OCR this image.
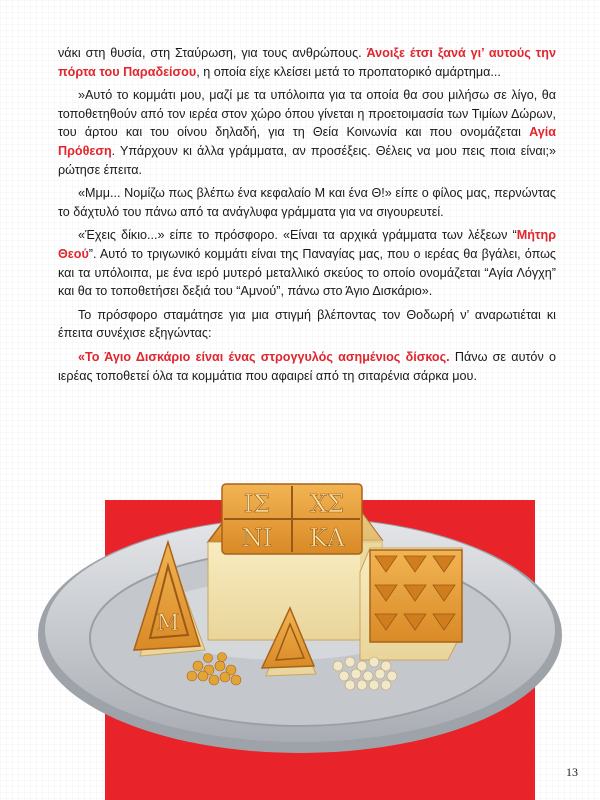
νάκι στη θυσία, στη Σταύρωση, για τους ανθρώπους. Άνοιξε έτσι ξανά γι’ αυτούς την πόρτα του Παραδείσου, η οποία είχε κλείσει μετά το προπατορικό αμάρτημα...

»Αυτό το κομμάτι μου, μαζί με τα υπόλοιπα για τα οποία θα σου μιλήσω σε λίγο, θα τοποθετηθούν από τον ιερέα στον χώρο όπου γίνεται η προετοιμασία των Τιμίων Δώρων, του άρτου και του οίνου δηλαδή, για τη Θεία Κοινωνία και που ονομάζεται Αγία Πρόθεση. Υπάρχουν κι άλλα γράμματα, αν προσέξεις. Θέλεις να μου πεις ποια είναι;» ρώτησε έπειτα.

«Μμμ... Νομίζω πως βλέπω ένα κεφαλαίο Μ και ένα Θ!» είπε ο φίλος μας, περνώντας το δάχτυλό του πάνω από τα ανάγλυφα γράμματα για να σιγουρευτεί.

«Έχεις δίκιο...» είπε το πρόσφορο. «Είναι τα αρχικά γράμματα των λέξεων “Μήτηρ Θεού”. Αυτό το τριγωνικό κομμάτι είναι της Παναγίας μας, που ο ιερέας θα βγάλει, όπως και τα υπόλοιπα, με ένα ιερό μυτερό μεταλλικό σκεύος το οποίο ονομάζεται “Αγία Λόγχη” και θα το τοποθετήσει δεξιά του “Αμνού”, πάνω στο Άγιο Δισκάριο».

Το πρόσφορο σταμάτησε για μια στιγμή βλέποντας τον Θοδωρή ν’ αναρωτιέται κι έπειτα συνέχισε εξηγώντας:

«Το Άγιο Δισκάριο είναι ένας στρογγυλός ασημένιος δίσκος. Πάνω σε αυτόν ο ιερέας τοποθετεί όλα τα κομμάτια που αφαιρεί από τη σιταρένια σάρκα μου.

ΙΣ ΧΣ
ΝΙ ΚΑ
Μ
13
